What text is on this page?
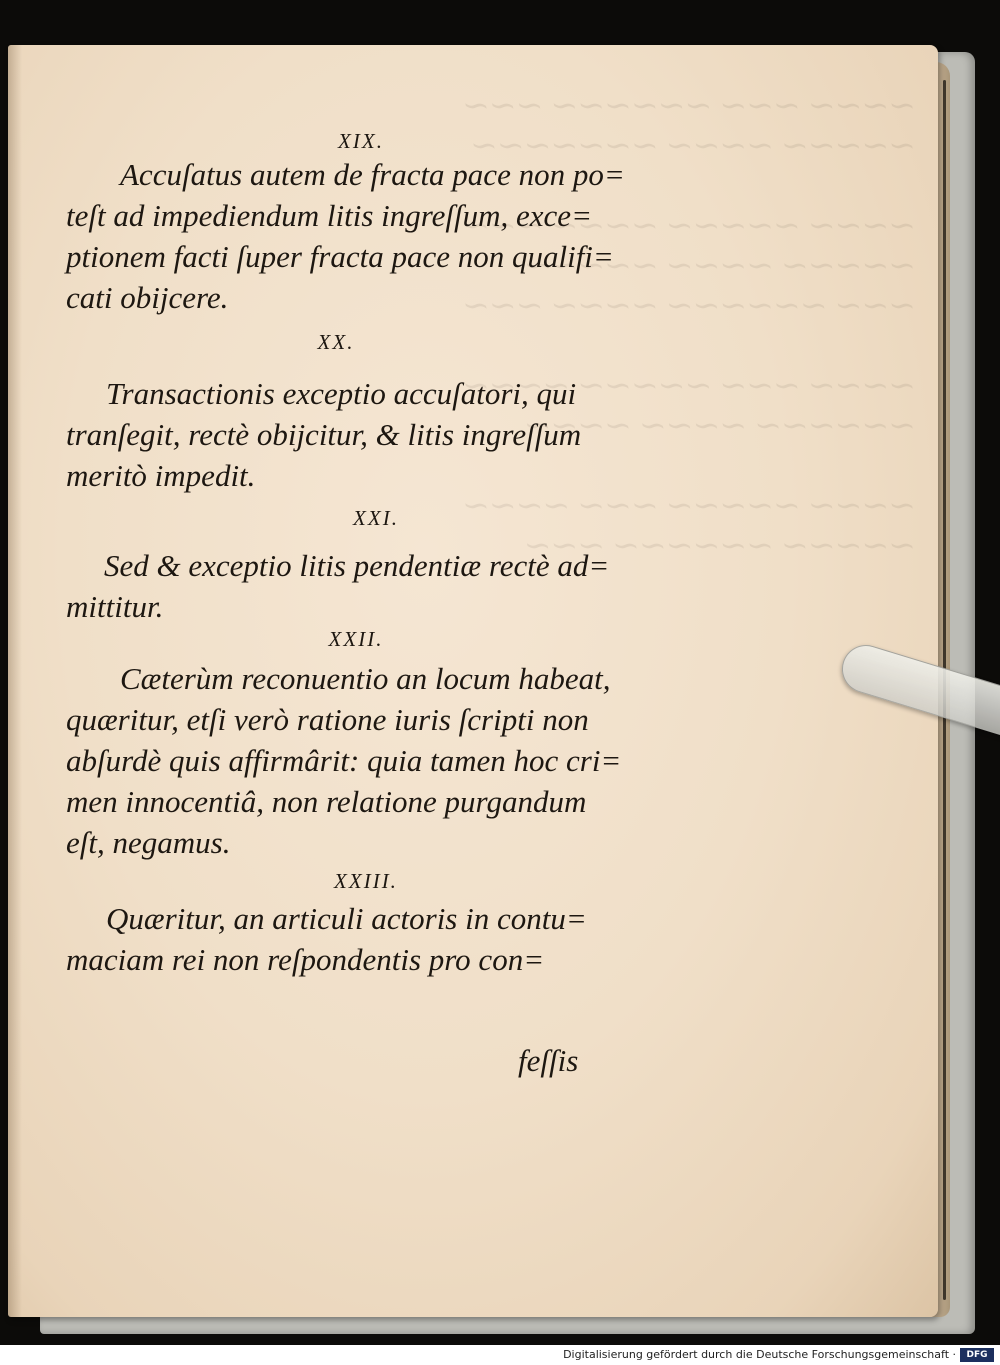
∼∼∼∼ ∼∼∼ ∼∼∼∼∼∼ ∼∼∼
∼∼∼∼∼ ∼∼∼∼ ∼∼∼∼∼∼∼

∼∼∼∼ ∼∼∼∼∼ ∼∼∼∼ ∼∼∼
∼∼∼∼∼ ∼∼∼∼ ∼∼∼∼∼
∼∼∼ ∼∼∼∼∼∼ ∼∼∼∼ ∼∼∼

∼∼∼∼ ∼∼∼ ∼∼∼∼∼ ∼∼∼∼
∼∼∼∼∼∼ ∼∼∼∼ ∼∼∼∼

∼∼∼∼ ∼∼∼∼∼ ∼∼∼ ∼∼∼∼
∼∼∼∼∼ ∼∼∼∼∼∼ ∼∼∼

XIX.

Accuſatus autem de fracta pace non po=
teſt ad impediendum litis ingreſſum, exce=
ptionem facti ſuper fracta pace non qualifi=
cati obijcere.

XX.

Transactionis exceptio accuſatori, qui
tranſegit, rectè obijcitur, & litis ingreſſum
meritò impedit.

XXI.

Sed & exceptio litis pendentiæ rectè ad=
mittitur.

XXII.

Cæterùm reconuentio an locum habeat,
quæritur, etſi verò ratione iuris ſcripti non
abſurdè quis affirmârit: quia tamen hoc cri=
men innocentiâ, non relatione purgandum
eſt, negamus.

XXIII.

Quæritur, an articuli actoris in contu=
maciam rei non reſpondentis pro con=
feſſis
Digitalisierung gefördert durch die Deutsche Forschungsgemeinschaft ·	DFG
